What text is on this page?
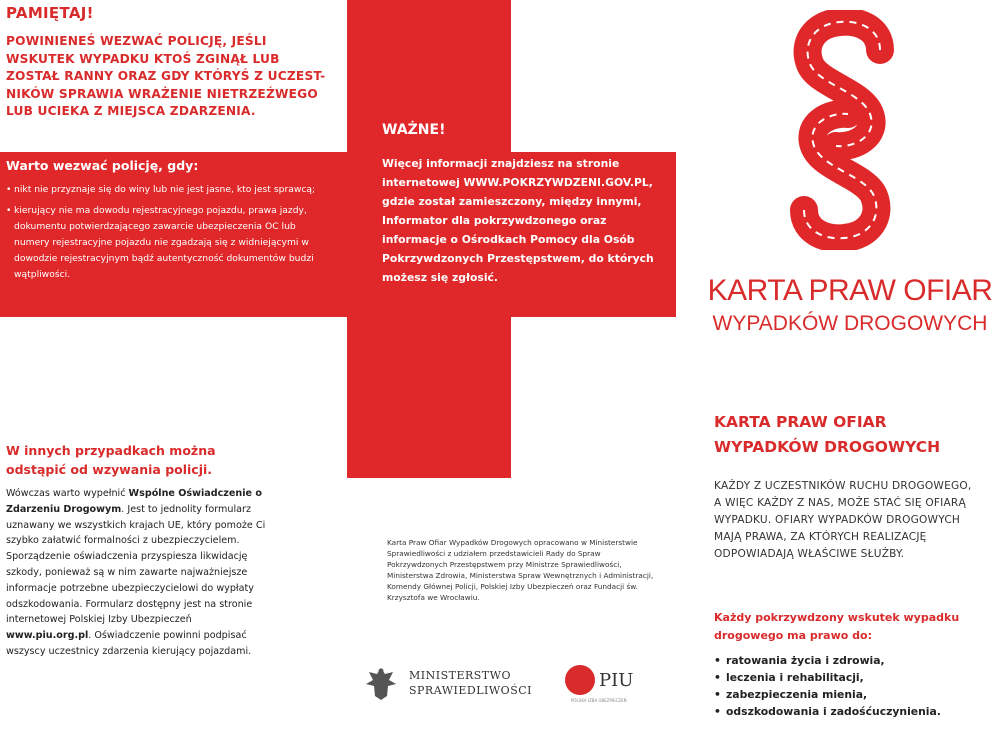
PAMIĘTAJ!
POWINIENEŚ WEZWAĆ POLICJĘ, JEŚLI WSKUTEK WYPADKU KTOŚ ZGINĄŁ LUB ZOSTAŁ RANNY ORAZ GDY KTÓRYŚ Z UCZEST-NIKÓW SPRAWIA WRAŻENIE NIETRZEŹWEGO LUB UCIEKA Z MIEJSCA ZDARZENIA.
Warto wezwać policję, gdy:
• nikt nie przyznaje się do winy lub nie jest jasne, kto jest sprawcą;
• kierujący nie ma dowodu rejestracyjnego pojazdu, prawa jazdy, dokumentu potwierdzającego zawarcie ubezpieczenia OC lub numery rejestracyjne pojazdu nie zgadzają się z widniejącymi w dowodzie rejestracyjnym bądź autentyczność dokumentów budzi wątpliwości.
WAŻNE!
Więcej informacji znajdziesz na stronie internetowej WWW.POKRZYWDZENI.GOV.PL, gdzie został zamieszczony, między innymi, Informator dla pokrzywdzonego oraz informacje o Ośrodkach Pomocy dla Osób Pokrzywdzonych Przestępstwem, do których możesz się zgłosić.	KARTA PRAW OFIAR
WYPADKÓW DROGOWYCH
W innych przypadkach można odstąpić od wzywania policji.
Wówczas warto wypełnić Wspólne Oświadczenie o Zdarzeniu Drogowym. Jest to jednolity formularz uznawany we wszystkich krajach UE, który pomoże Ci szybko załatwić formalności z ubezpieczycielem. Sporządzenie oświadczenia przyspiesza likwidację szkody, ponieważ są w nim zawarte najważniejsze informacje potrzebne ubezpieczycielowi do wypłaty odszkodowania. Formularz dostępny jest na stronie internetowej Polskiej Izby Ubezpieczeń www.piu.org.pl. Oświadczenie powinni podpisać wszyscy uczestnicy zdarzenia kierujący pojazdami.
Karta Praw Ofiar Wypadków Drogowych opracowano w Ministerstwie Sprawiedliwości z udziałem przedstawicieli Rady do Spraw Pokrzywdzonych Przestępstwem przy Ministrze Sprawiedliwości, Ministerstwa Zdrowia, Ministerstwa Spraw Wewnętrznych i Administracji, Komendy Głównej Policji, Polskiej Izby Ubezpieczeń oraz Fundacji św. Krzysztofa we Wrocławiu.
MINISTERSTWO
SPRAWIEDLIWOŚCI	PIU
POLSKA IZBA UBEZPIECZEŃ
KARTA PRAW OFIAR WYPADKÓW DROGOWYCH
KAŻDY Z UCZESTNIKÓW RUCHU DROGOWEGO, A WIĘC KAŻDY Z NAS, MOŻE STAĆ SIĘ OFIARĄ WYPADKU. OFIARY WYPADKÓW DROGOWYCH MAJĄ PRAWA, ZA KTÓRYCH REALIZACJĘ ODPOWIADAJĄ WŁAŚCIWE SŁUŻBY.
Każdy pokrzywdzony wskutek wypadku drogowego ma prawo do:
• ratowania życia i zdrowia,
• leczenia i rehabilitacji,
• zabezpieczenia mienia,
• odszkodowania i zadośćuczynienia.
